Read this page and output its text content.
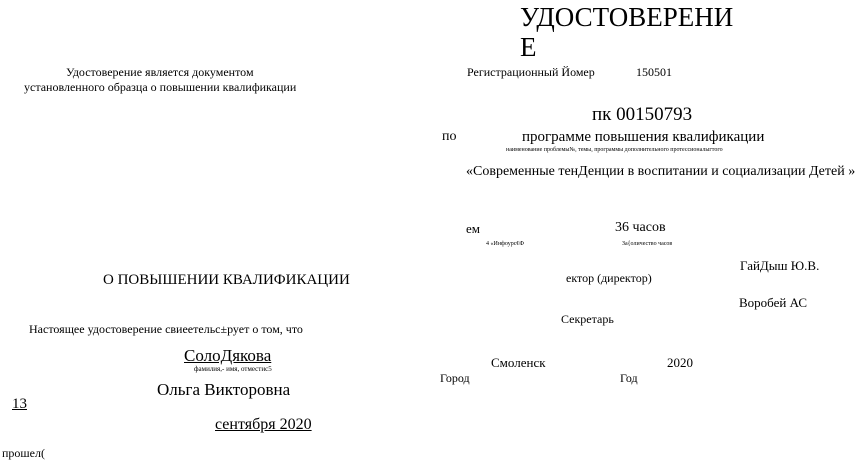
УДОСТОВЕРЕНИ
Е
Удостоверение является документом
установленного образца о повышении квалификации
О ПОВЫШЕНИИ КВАЛИФИКАЦИИ
Настоящее удостоверение свиеетельс±рует о том, что
СолоДякова
фамилия,- имя, отместис5
Ольга Викторовна
13
сентября 2020
прошел(
Регистрационный Йомер	150501
пк 00150793
по	программе повышения квалификации
наименование проблемы№, темы, программы дополнительного протессионалыгтого
«Современные тенДенции в воспитании и социализации Детей »
ем	36 часов
4 «Инфоурс€Ф	За{оличество часов
ГайДыш Ю.В.
ектор (директор)
Воробей АС
Секретарь
Смоленск	2020
Город	Год
